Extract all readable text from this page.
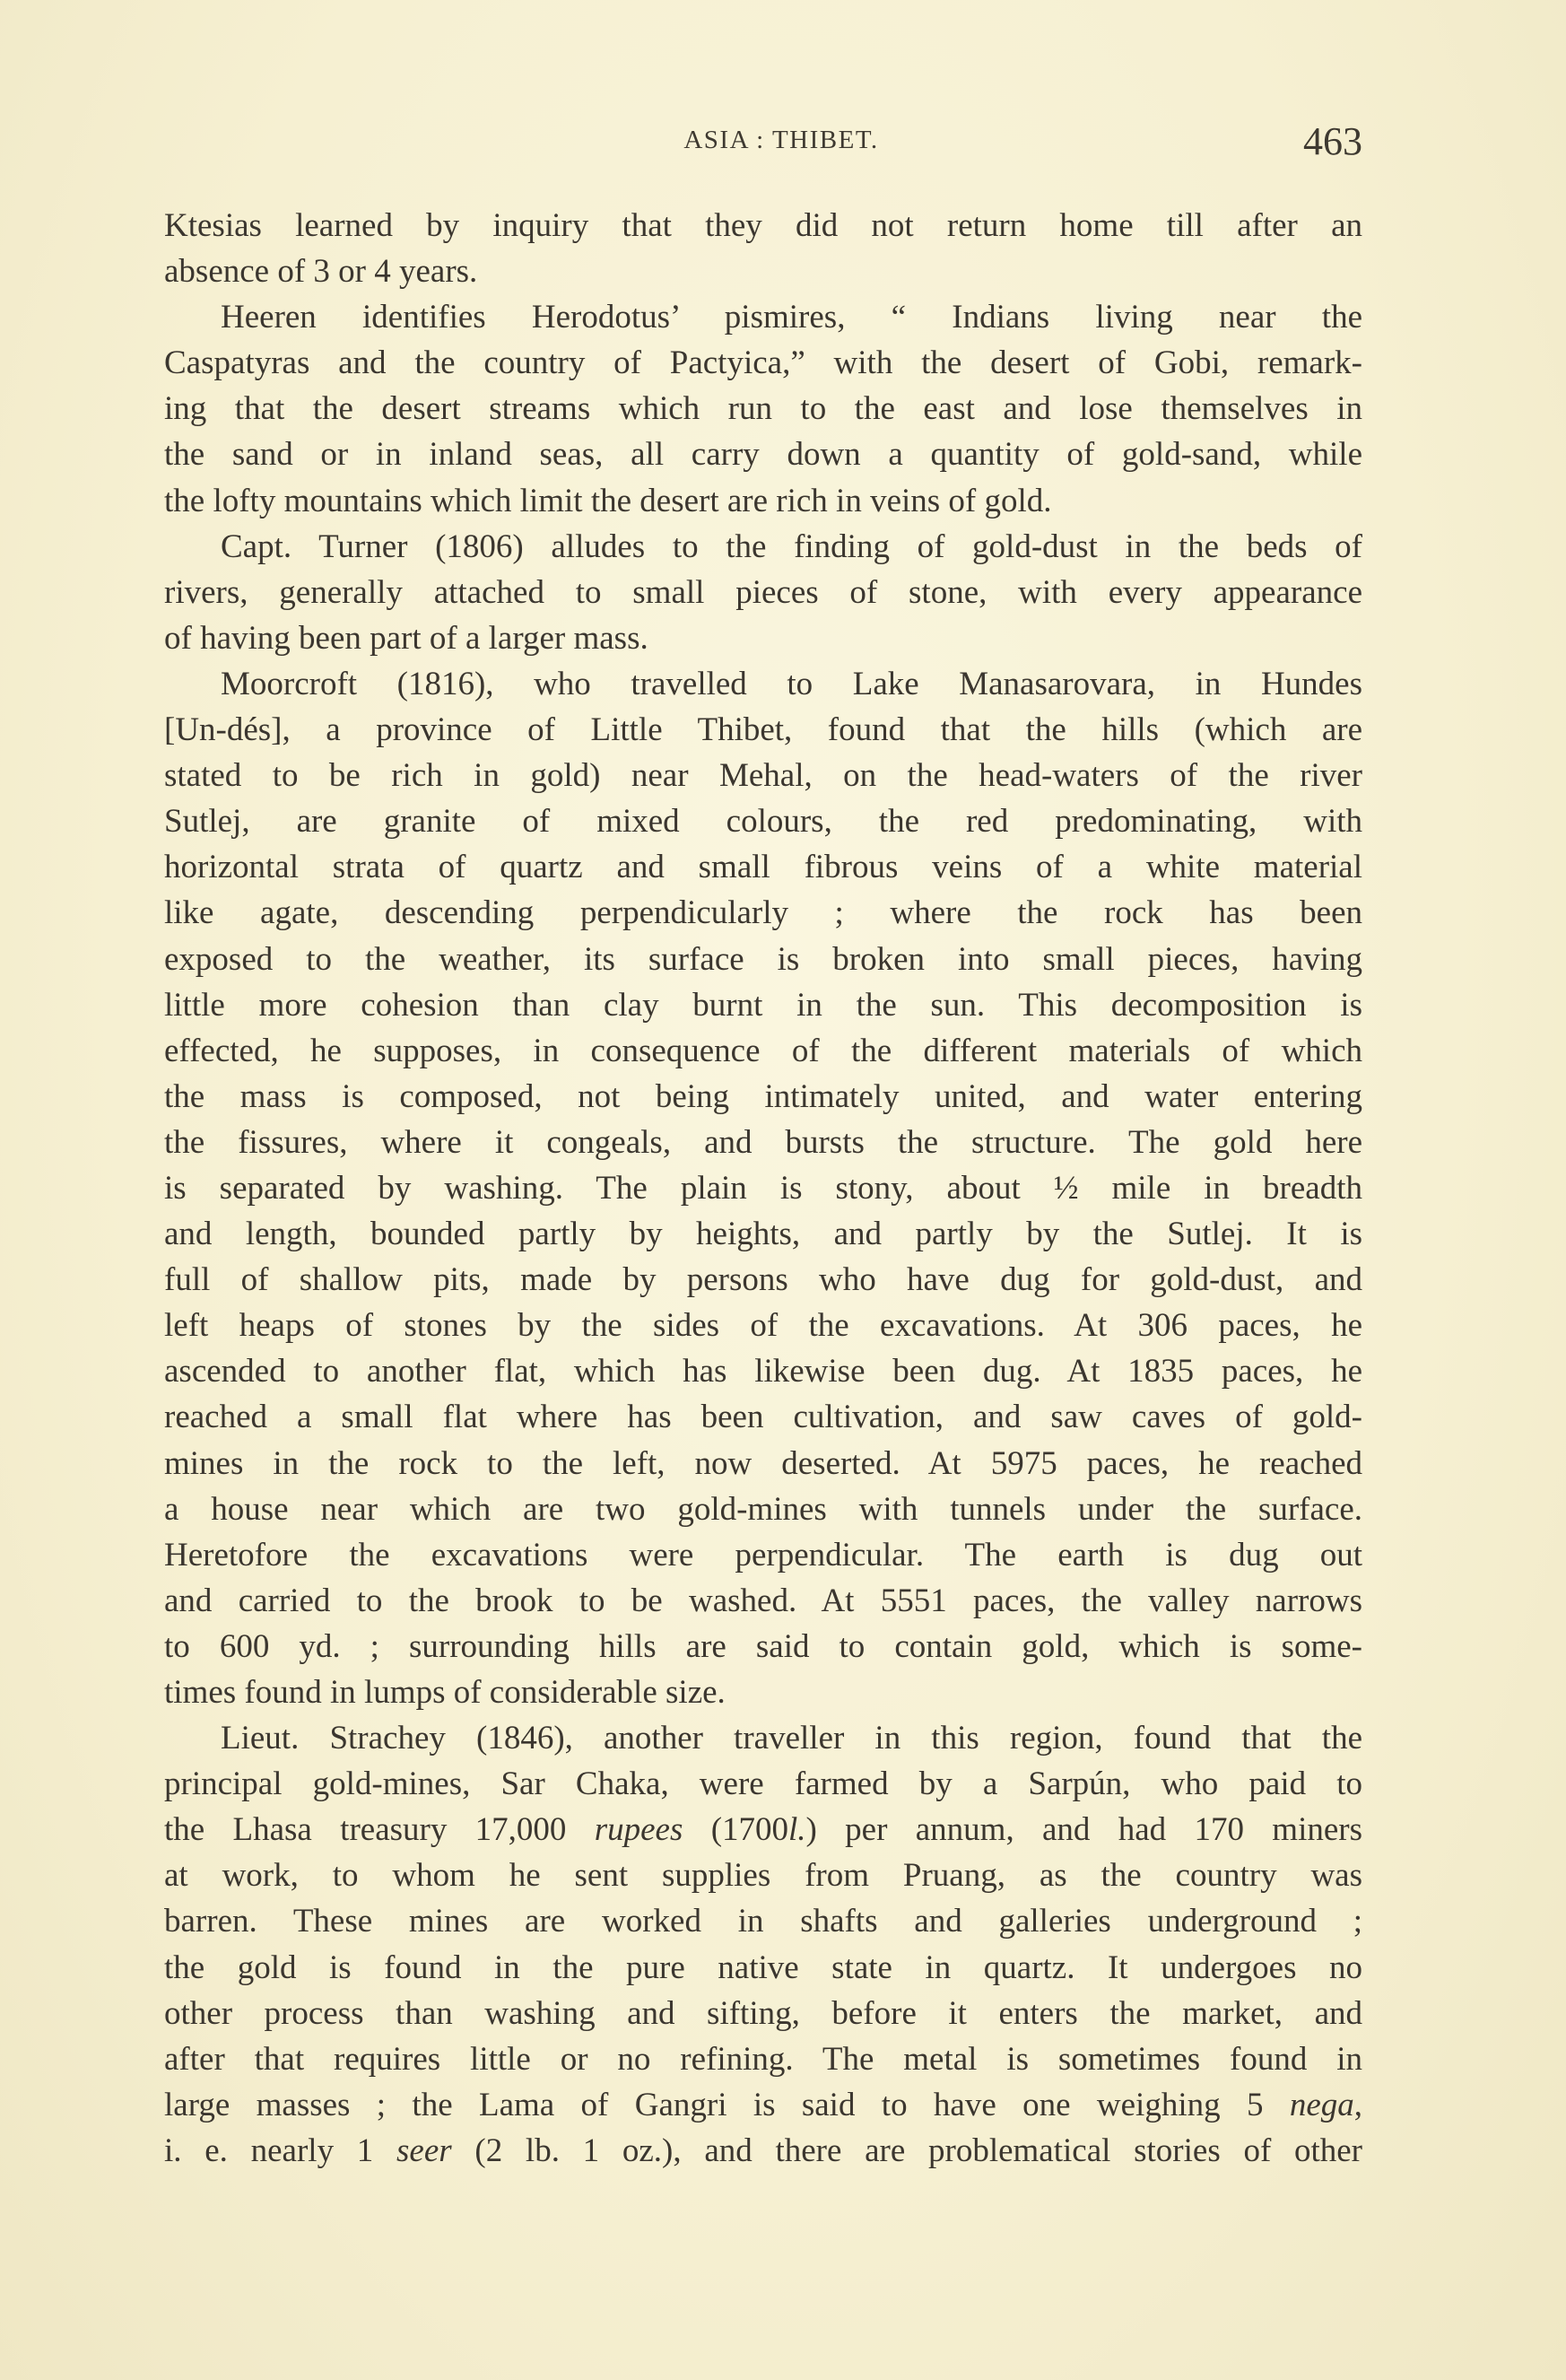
ASIA : THIBET.	463
Ktesias learned by inquiry that they did not return home till after an
absence of 3 or 4 years.
Heeren identifies Herodotus’ pismires, “ Indians living near the
Caspatyras and the country of Pactyica,” with the desert of Gobi, remark-
ing that the desert streams which run to the east and lose themselves in
the sand or in inland seas, all carry down a quantity of gold-sand, while
the lofty mountains which limit the desert are rich in veins of gold.
Capt. Turner (1806) alludes to the finding of gold-dust in the beds of
rivers, generally attached to small pieces of stone, with every appearance
of having been part of a larger mass.
Moorcroft (1816), who travelled to Lake Manasarovara, in Hundes
[Un-dés], a province of Little Thibet, found that the hills (which are
stated to be rich in gold) near Mehal, on the head-waters of the river
Sutlej, are granite of mixed colours, the red predominating, with
horizontal strata of quartz and small fibrous veins of a white material
like agate, descending perpendicularly ; where the rock has been
exposed to the weather, its surface is broken into small pieces, having
little more cohesion than clay burnt in the sun. This decomposition is
effected, he supposes, in consequence of the different materials of which
the mass is composed, not being intimately united, and water entering
the fissures, where it congeals, and bursts the structure. The gold here
is separated by washing. The plain is stony, about ½ mile in breadth
and length, bounded partly by heights, and partly by the Sutlej. It is
full of shallow pits, made by persons who have dug for gold-dust, and
left heaps of stones by the sides of the excavations. At 306 paces, he
ascended to another flat, which has likewise been dug. At 1835 paces, he
reached a small flat where has been cultivation, and saw caves of gold-
mines in the rock to the left, now deserted. At 5975 paces, he reached
a house near which are two gold-mines with tunnels under the surface.
Heretofore the excavations were perpendicular. The earth is dug out
and carried to the brook to be washed. At 5551 paces, the valley narrows
to 600 yd. ; surrounding hills are said to contain gold, which is some-
times found in lumps of considerable size.
Lieut. Strachey (1846), another traveller in this region, found that the
principal gold-mines, Sar Chaka, were farmed by a Sarpún, who paid to
the Lhasa treasury 17,000 rupees (1700l.) per annum, and had 170 miners
at work, to whom he sent supplies from Pruang, as the country was
barren. These mines are worked in shafts and galleries underground ;
the gold is found in the pure native state in quartz. It undergoes no
other process than washing and sifting, before it enters the market, and
after that requires little or no refining. The metal is sometimes found in
large masses ; the Lama of Gangri is said to have one weighing 5 nega,
i. e. nearly 1 seer (2 lb. 1 oz.), and there are problematical stories of other
